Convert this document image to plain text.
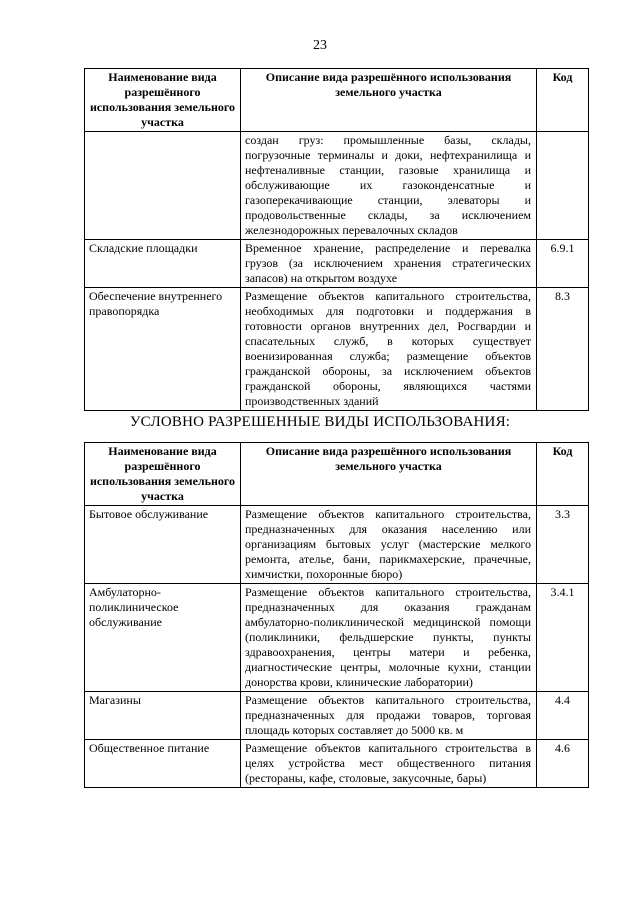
23
Наименование вида разрешённого использования земельного участка	Описание вида разрешённого использования земельного участка	Код
	создан груз: промышленные базы, склады, погрузочные терминалы и доки, нефтехранилища и нефтеналивные станции, газовые хранилища и обслуживающие их газоконденсатные и газоперекачивающие станции, элеваторы и продовольственные склады, за исключением железнодорожных перевалочных складов	
Складские площадки	Временное хранение, распределение и перевалка грузов (за исключением хранения стратегических запасов) на открытом воздухе	6.9.1
Обеспечение внутреннего правопорядка	Размещение объектов капитального строительства, необходимых для подготовки и поддержания в готовности органов внутренних дел, Росгвардии и спасательных служб, в которых существует военизированная служба; размещение объектов гражданской обороны, за исключением объектов гражданской обороны, являющихся частями производственных зданий	8.3
УСЛОВНО РАЗРЕШЕННЫЕ ВИДЫ ИСПОЛЬЗОВАНИЯ:
Наименование вида разрешённого использования земельного участка	Описание вида разрешённого использования земельного участка	Код
Бытовое обслуживание	Размещение объектов капитального строительства, предназначенных для оказания населению или организациям бытовых услуг (мастерские мелкого ремонта, ателье, бани, парикмахерские, прачечные, химчистки, похоронные бюро)	3.3
Амбулаторно-поликлиническое обслуживание	Размещение объектов капитального строительства, предназначенных для оказания гражданам амбулаторно-поликлинической медицинской помощи (поликлиники, фельдшерские пункты, пункты здравоохранения, центры матери и ребенка, диагностические центры, молочные кухни, станции донорства крови, клинические лаборатории)	3.4.1
Магазины	Размещение объектов капитального строительства, предназначенных для продажи товаров, торговая площадь которых составляет до 5000 кв. м	4.4
Общественное питание	Размещение объектов капитального строительства в целях устройства мест общественного питания (рестораны, кафе, столовые, закусочные, бары)	4.6
